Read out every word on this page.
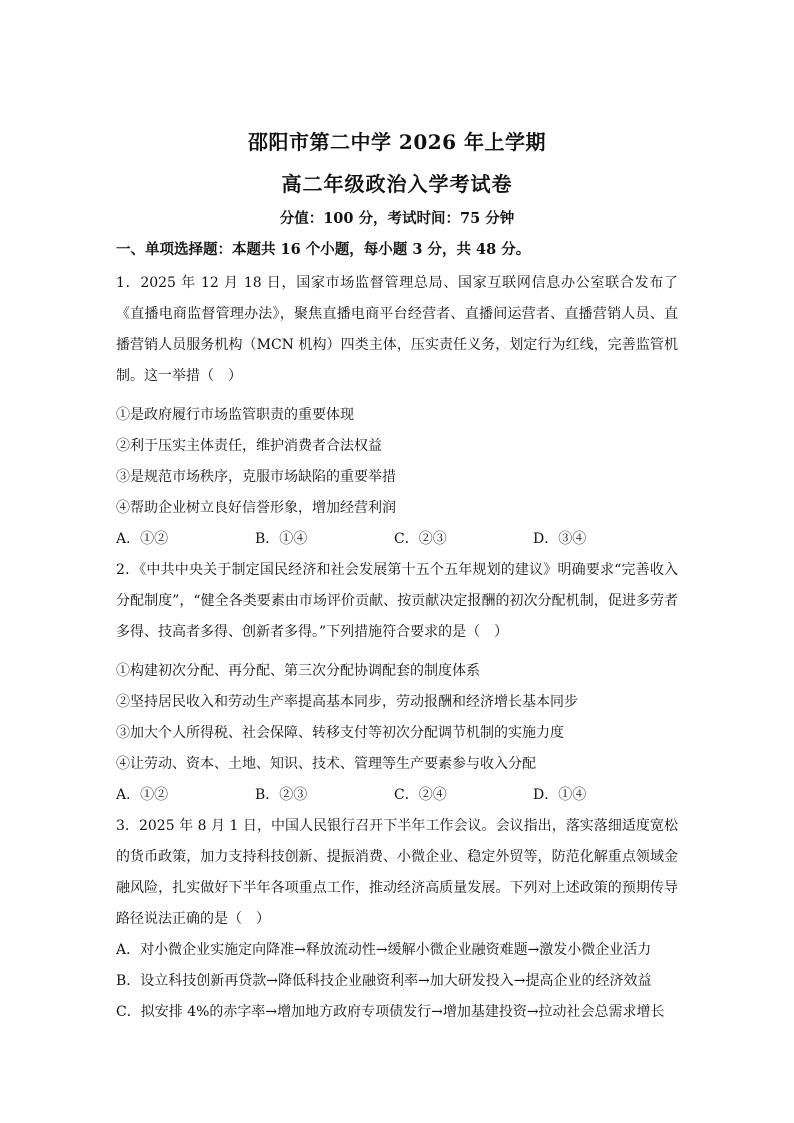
邵阳市第二中学 2026 年上学期
高二年级政治入学考试卷
分值：100 分，考试时间：75 分钟
一、单项选择题：本题共 16 个小题，每小题 3 分，共 48 分。

1．2025 年 12 月 18 日，国家市场监督管理总局、国家互联网信息办公室联合发布了《直播电商监督管理办法》，聚焦直播电商平台经营者、直播间运营者、直播营销人员、直播营销人员服务机构（MCN 机构）四类主体，压实责任义务，划定行为红线，完善监管机制。这一举措（　）

①是政府履行市场监管职责的重要体现

②利于压实主体责任，维护消费者合法权益

③是规范市场秩序，克服市场缺陷的重要举措

④帮助企业树立良好信誉形象，增加经营利润

A．①②	B．①④	C．②③	D．③④

2．《中共中央关于制定国民经济和社会发展第十五个五年规划的建议》明确要求“完善收入分配制度”，“健全各类要素由市场评价贡献、按贡献决定报酬的初次分配机制，促进多劳者多得、技高者多得、创新者多得。”下列措施符合要求的是（　）

①构建初次分配、再分配、第三次分配协调配套的制度体系

②坚持居民收入和劳动生产率提高基本同步，劳动报酬和经济增长基本同步

③加大个人所得税、社会保障、转移支付等初次分配调节机制的实施力度

④让劳动、资本、土地、知识、技术、管理等生产要素参与收入分配

A．①②	B．②③	C．②④	D．①④

3．2025 年 8 月 1 日，中国人民银行召开下半年工作会议。会议指出，落实落细适度宽松的货币政策，加力支持科技创新、提振消费、小微企业、稳定外贸等，防范化解重点领域金融风险，扎实做好下半年各项重点工作，推动经济高质量发展。下列对上述政策的预期传导路径说法正确的是（　）

A．对小微企业实施定向降准→释放流动性→缓解小微企业融资难题→激发小微企业活力

B．设立科技创新再贷款→降低科技企业融资利率→加大研发投入→提高企业的经济效益

C．拟安排 4%的赤字率→增加地方政府专项债发行→增加基建投资→拉动社会总需求增长
